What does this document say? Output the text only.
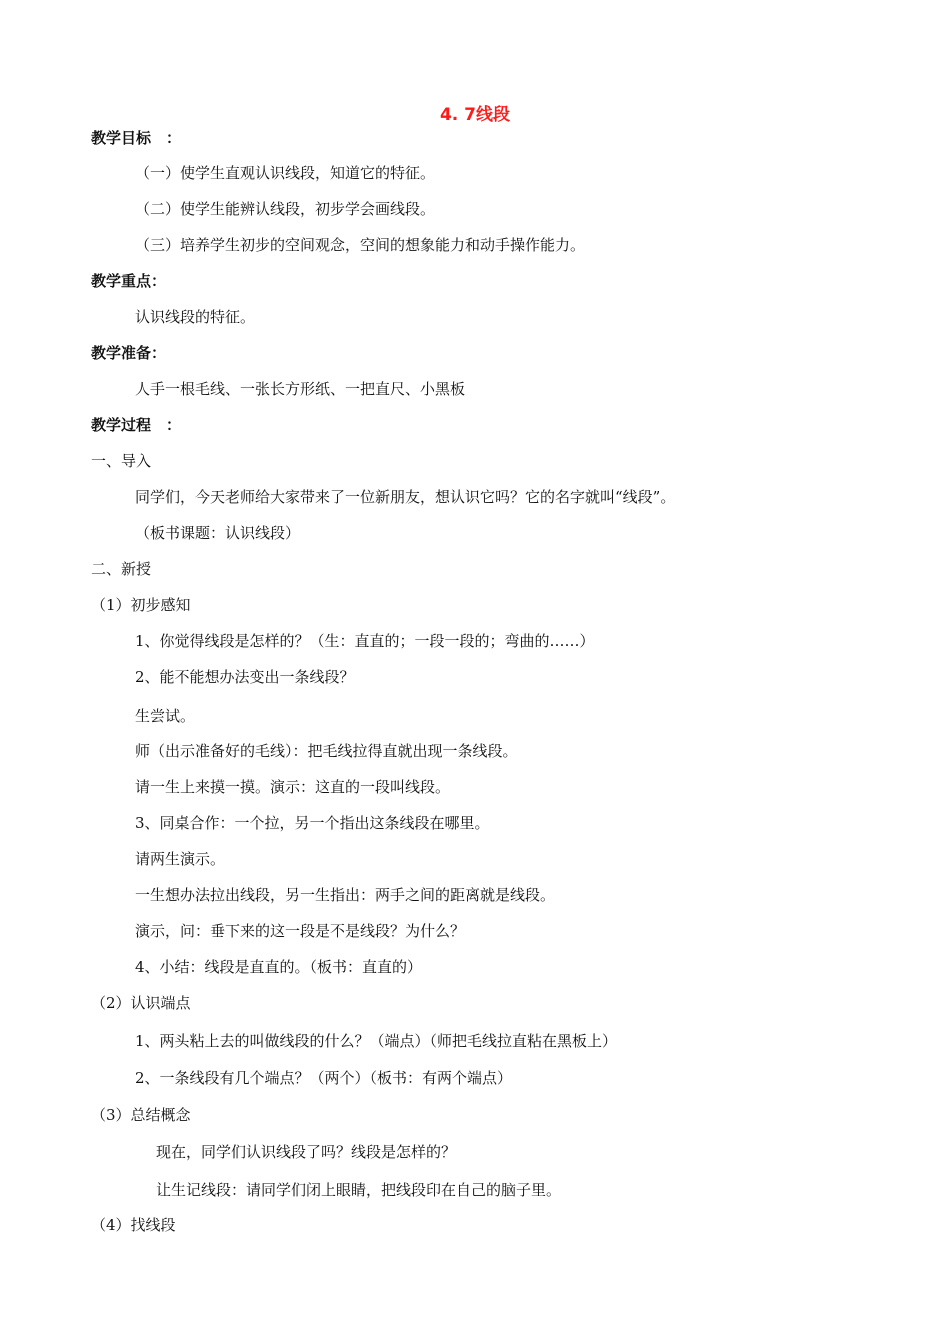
4. 7线段
教学目标　：
（一）使学生直观认识线段，知道它的特征。
（二）使学生能辨认线段，初步学会画线段。
（三）培养学生初步的空间观念，空间的想象能力和动手操作能力。
教学重点：
认识线段的特征。
教学准备：
人手一根毛线、一张长方形纸、一把直尺、小黑板
教学过程　：
一、导入
同学们，今天老师给大家带来了一位新朋友，想认识它吗？它的名字就叫“线段”。
（板书课题：认识线段）
二、新授
（1）初步感知
1、你觉得线段是怎样的？（生：直直的；一段一段的；弯曲的……）
2、能不能想办法变出一条线段？
生尝试。
师（出示准备好的毛线）：把毛线拉得直就出现一条线段。
请一生上来摸一摸。演示：这直的一段叫线段。
3、同桌合作：一个拉，另一个指出这条线段在哪里。
请两生演示。
一生想办法拉出线段，另一生指出：两手之间的距离就是线段。
演示，问：垂下来的这一段是不是线段？为什么？
4、小结：线段是直直的。（板书：直直的）
（2）认识端点
1、两头粘上去的叫做线段的什么？（端点）（师把毛线拉直粘在黑板上）
2、一条线段有几个端点？（两个）（板书：有两个端点）
（3）总结概念
现在，同学们认识线段了吗？线段是怎样的？
让生记线段：请同学们闭上眼睛，把线段印在自己的脑子里。
（4）找线段
